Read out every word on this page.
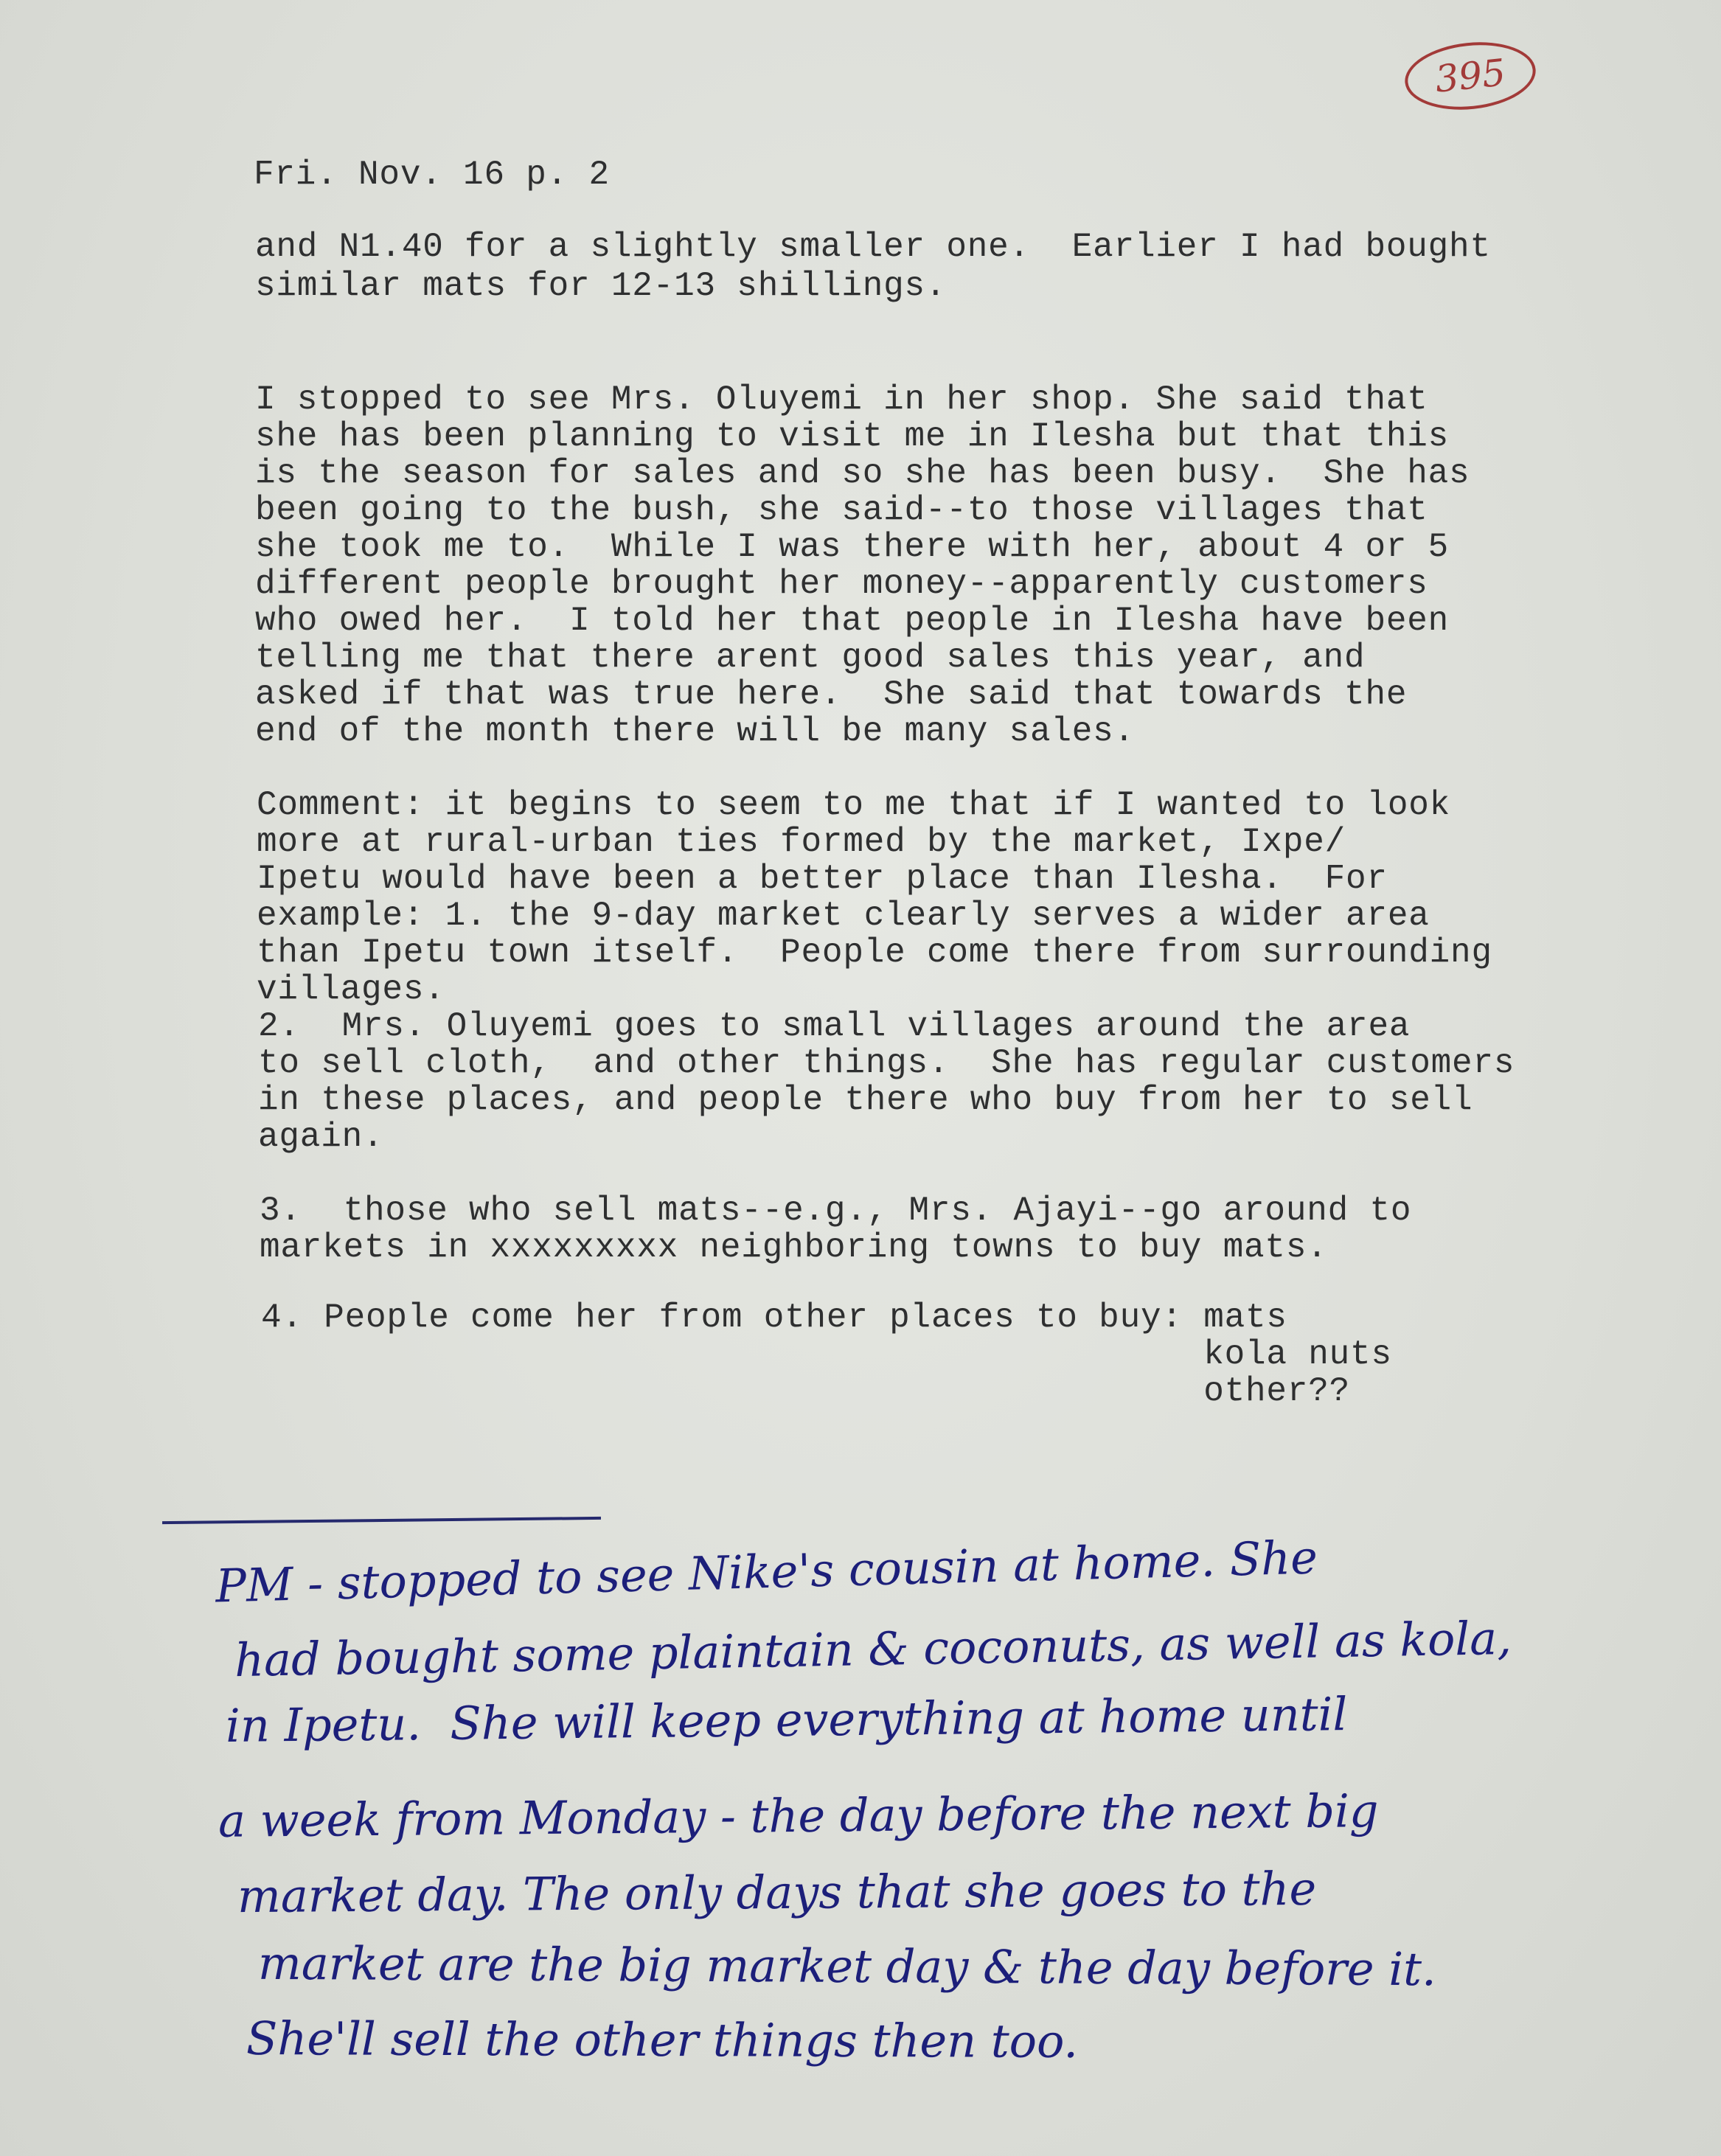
395
Fri. Nov. 16 p. 2
and N1.40 for a slightly smaller one.  Earlier I had bought
similar mats for 12-13 shillings.
I stopped to see Mrs. Oluyemi in her shop. She said that
she has been planning to visit me in Ilesha but that this
is the season for sales and so she has been busy.  She has
been going to the bush, she said--to those villages that
she took me to.  While I was there with her, about 4 or 5
different people brought her money--apparently customers
who owed her.  I told her that people in Ilesha have been
telling me that there arent good sales this year, and
asked if that was true here.  She said that towards the
end of the month there will be many sales.
Comment: it begins to seem to me that if I wanted to look
more at rural-urban ties formed by the market, Ixpe/
Ipetu would have been a better place than Ilesha.  For
example: 1. the 9-day market clearly serves a wider area
than Ipetu town itself.  People come there from surrounding
villages.
2.  Mrs. Oluyemi goes to small villages around the area
to sell cloth,  and other things.  She has regular customers
in these places, and people there who buy from her to sell
again.
3.  those who sell mats--e.g., Mrs. Ajayi--go around to
markets in xxxxxxxxx neighboring towns to buy mats.
4. People come her from other places to buy: mats
kola nuts
other??
PM - stopped to see Nike's cousin at home. She
had bought some plaintain & coconuts, as well as kola,
in Ipetu.  She will keep everything at home until
a week from Monday - the day before the next big
market day. The only days that she goes to the
market are the big market day & the day before it.
She'll sell the other things then too.
